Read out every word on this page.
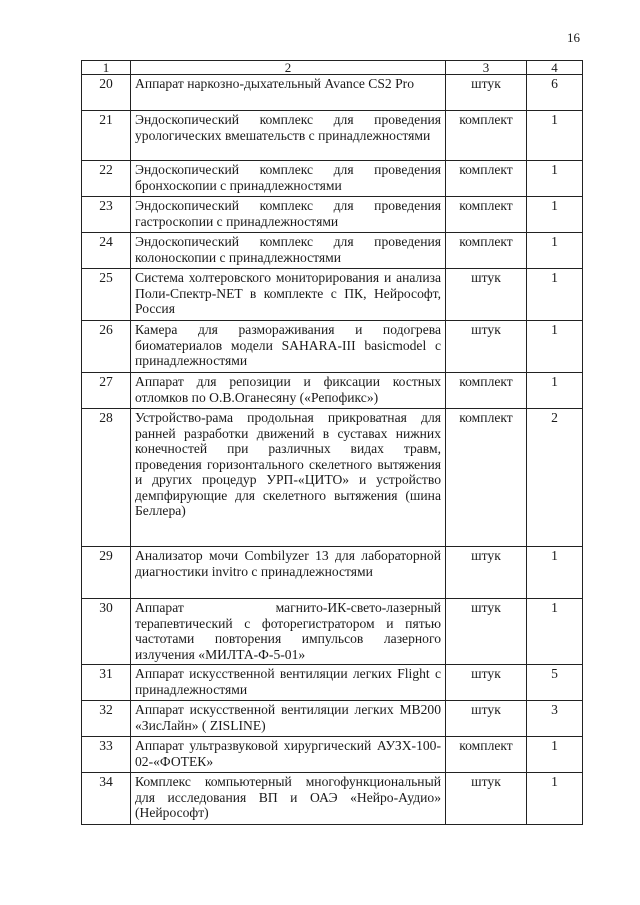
16
1	2	3	4
20	Аппарат наркозно-дыхательный Avance CS2 Pro	штук	6
21	Эндоскопический комплекс для проведения урологических вмешательств с принадлежностями	комплект	1
22	Эндоскопический комплекс для проведения бронхоскопии с принадлежностями	комплект	1
23	Эндоскопический комплекс для проведения гастроскопии с принадлежностями	комплект	1
24	Эндоскопический комплекс для проведения колоноскопии с принадлежностями	комплект	1
25	Система холтеровского мониторирования и анализа Поли-Спектр-NET в комплекте с ПК, Нейрософт, Россия	штук	1
26	Камера для размораживания и подогрева биоматериалов модели SAHARA-III basicmodel с принадлежностями	штук	1
27	Аппарат для репозиции и фиксации костных отломков по О.В.Оганесяну («Репофикс»)	комплект	1
28	Устройство-рама продольная прикроватная для ранней разработки движений в суставах нижних конечностей при различных видах травм, проведения горизонтального скелетного вытяжения и других процедур УРП-«ЦИТО» и устройство демпфирующие для скелетного вытяжения (шина Беллера)	комплект	2
29	Анализатор мочи Combilyzer 13 для лабораторной диагностики invitro с принадлежностями	штук	1
30	Аппарат магнито-ИК-свето-лазерный терапевтический с фоторегистратором и пятью частотами повторения импульсов лазерного излучения «МИЛТА-Ф-5-01»	штук	1
31	Аппарат искусственной вентиляции легких Flight с принадлежностями	штук	5
32	Аппарат искусственной вентиляции легких MB200 «ЗисЛайн» ( ZISLINE)	штук	3
33	Аппарат ультразвуковой хирургический АУЗХ-100-02-«ФОТЕК»	комплект	1
34	Комплекс компьютерный многофункциональный для исследования ВП и ОАЭ «Нейро-Аудио» (Нейрософт)	штук	1
